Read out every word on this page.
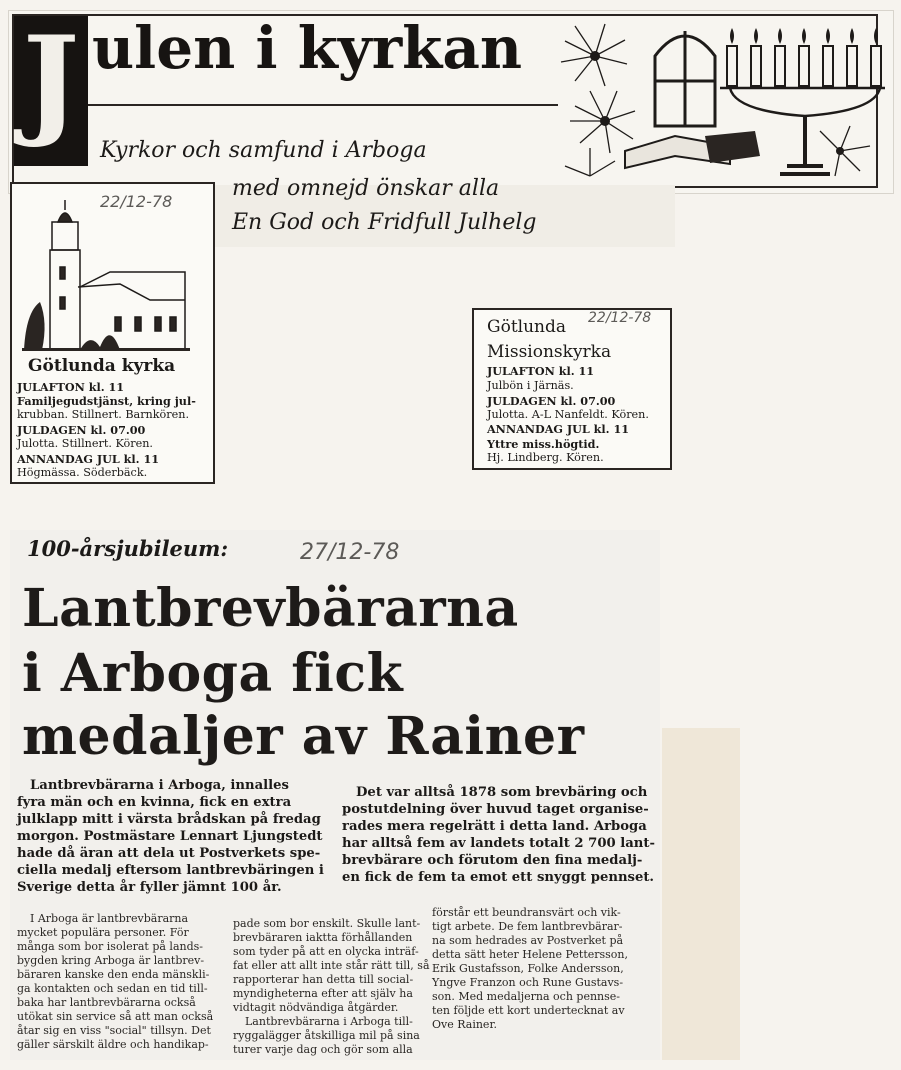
J ulen i kyrkan
Kyrkor och samfund i Arboga
med omnejd önskar alla
En God och Fridfull Julhelg
22/12-78
Götlunda kyrka
JULAFTON kl. 11
Familjegudstjänst, kring jul-
krubban. Stillnert. Barnkören.
JULDAGEN kl. 07.00
Julotta. Stillnert. Kören.
ANNANDAG JUL kl. 11
Högmässa. Söderbäck.
22/12-78
Götlunda
Missionskyrka
JULAFTON kl. 11
Julbön i Järnäs.
JULDAGEN kl. 07.00
Julotta. A-L Nanfeldt. Kören.
ANNANDAG JUL kl. 11
Yttre miss.högtid.
Hj. Lindberg. Kören.
100-årsjubileum:	27/12-78
Lantbrevbärarna
i Arboga fick
medaljer av Rainer
Lantbrevbärarna i Arboga, innalles
fyra män och en kvinna, fick en extra
julklapp mitt i värsta brådskan på fredag
morgon. Postmästare Lennart Ljungstedt
hade då äran att dela ut Postverkets spe-
ciella medalj eftersom lantbrevbäringen i
Sverige detta år fyller jämnt 100 år.
Det var alltså 1878 som brevbäring och
postutdelning över huvud taget organise-
rades mera regelrätt i detta land. Arboga
har alltså fem av landets totalt 2 700 lant-
brevbärare och förutom den fina medalj-
en fick de fem ta emot ett snyggt pennset.
I Arboga är lantbrevbärarna
mycket populära personer. För
många som bor isolerat på lands-
bygden kring Arboga är lantbrev-
bäraren kanske den enda mänskli-
ga kontakten och sedan en tid till-
baka har lantbrevbärarna också
utökat sin service så att man också
åtar sig en viss "social" tillsyn. Det
gäller särskilt äldre och handikap-
pade som bor enskilt. Skulle lant-
brevbäraren iaktta förhållanden
som tyder på att en olycka inträf-
fat eller att allt inte står rätt till, så
rapporterar han detta till social-
myndigheterna efter att själv ha
vidtagit nödvändiga åtgärder.
Lantbrevbärarna i Arboga till-
ryggalägger åtskilliga mil på sina
turer varje dag och gör som alla
förstår ett beundransvärt och vik-
tigt arbete. De fem lantbrevbärar-
na som hedrades av Postverket på
detta sätt heter Helene Pettersson,
Erik Gustafsson, Folke Andersson,
Yngve Franzon och Rune Gustavs-
son. Med medaljerna och pennse-
ten följde ett kort undertecknat av
Ove Rainer.
